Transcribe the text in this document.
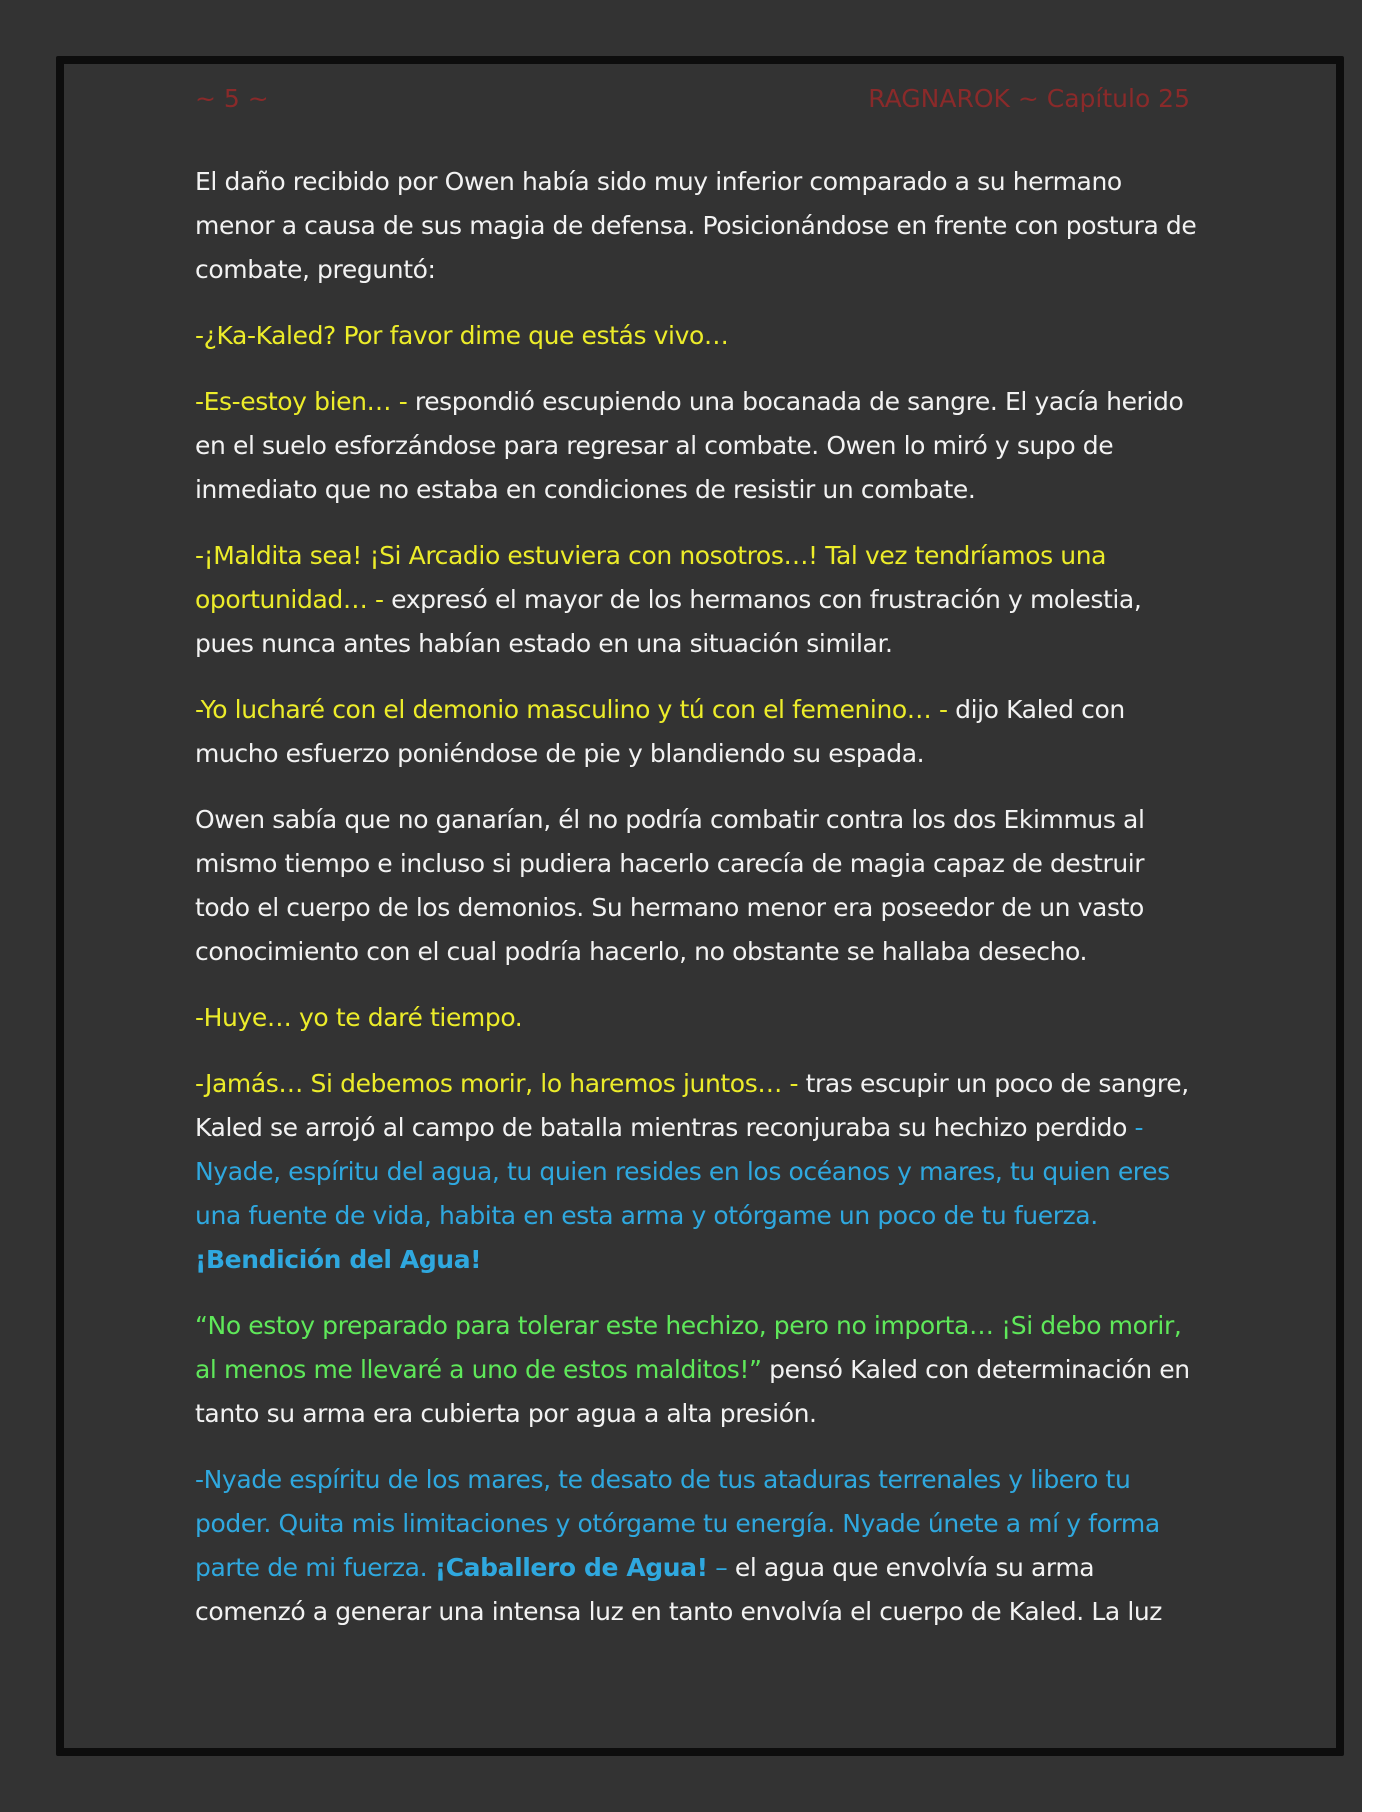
~ 5 ~	RAGNAROK ~ Capítulo 25

El daño recibido por Owen había sido muy inferior comparado a su hermano menor a causa de sus magia de defensa. Posicionándose en frente con postura de combate, preguntó:

-¿Ka-Kaled? Por favor dime que estás vivo…

-Es-estoy bien… - respondió escupiendo una bocanada de sangre. El yacía herido en el suelo esforzándose para regresar al combate. Owen lo miró y supo de inmediato que no estaba en condiciones de resistir un combate.

-¡Maldita sea! ¡Si Arcadio estuviera con nosotros…! Tal vez tendríamos una oportunidad… - expresó el mayor de los hermanos con frustración y molestia, pues nunca antes habían estado en una situación similar.

-Yo lucharé con el demonio masculino y tú con el femenino… - dijo Kaled con mucho esfuerzo poniéndose de pie y blandiendo su espada.

Owen sabía que no ganarían, él no podría combatir contra los dos Ekimmus al mismo tiempo e incluso si pudiera hacerlo carecía de magia capaz de destruir todo el cuerpo de los demonios. Su hermano menor era poseedor de un vasto conocimiento con el cual podría hacerlo, no obstante se hallaba desecho.

-Huye… yo te daré tiempo.

-Jamás… Si debemos morir, lo haremos juntos… - tras escupir un poco de sangre, Kaled se arrojó al campo de batalla mientras reconjuraba su hechizo perdido - Nyade, espíritu del agua, tu quien resides en los océanos y mares, tu quien eres una fuente de vida, habita en esta arma y otórgame un poco de tu fuerza. ¡Bendición del Agua!

“No estoy preparado para tolerar este hechizo, pero no importa… ¡Si debo morir, al menos me llevaré a uno de estos malditos!” pensó Kaled con determinación en tanto su arma era cubierta por agua a alta presión.

-Nyade espíritu de los mares, te desato de tus ataduras terrenales y libero tu poder. Quita mis limitaciones y otórgame tu energía. Nyade únete a mí y forma parte de mi fuerza. ¡Caballero de Agua! – el agua que envolvía su arma comenzó a generar una intensa luz en tanto envolvía el cuerpo de Kaled. La luz
